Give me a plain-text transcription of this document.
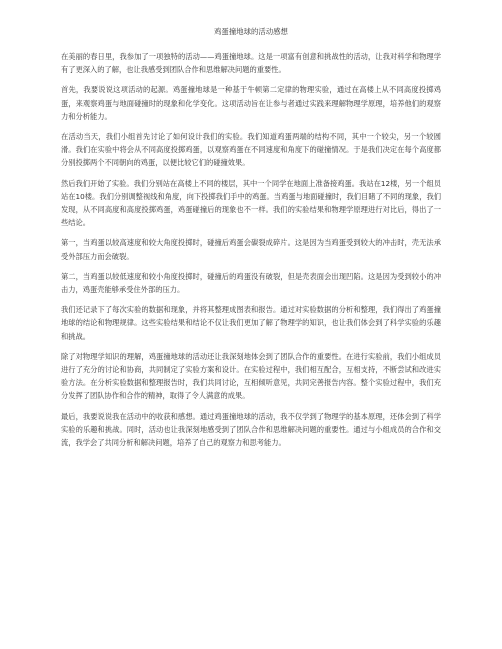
鸡蛋撞地球的活动感想

在美丽的春日里，我参加了一项独特的活动——鸡蛋撞地球。这是一项富有创意和挑战性的活动，让我对科学和物理学有了更深入的了解，也让我感受到团队合作和思维解决问题的重要性。

首先，我要说说这项活动的起源。鸡蛋撞地球是一种基于牛顿第二定律的物理实验，通过在高楼上从不同高度投掷鸡蛋，来观察鸡蛋与地面碰撞时的现象和化学变化。这项活动旨在让参与者通过实践来理解物理学原理，培养他们的观察力和分析能力。

在活动当天，我们小组首先讨论了如何设计我们的实验。我们知道鸡蛋两端的结构不同，其中一个较尖，另一个较圆滑。我们在实验中将会从不同高度投掷鸡蛋，以观察鸡蛋在不同速度和角度下的碰撞情况。于是我们决定在每个高度都分别投掷两个不同朝向的鸡蛋，以便比较它们的碰撞效果。

然后我们开始了实验。我们分别站在高楼上不同的楼层，其中一个同学在地面上准备接鸡蛋。我站在12楼，另一个组员站在10楼。我们分别调整视线和角度，向下投掷我们手中的鸡蛋。当鸡蛋与地面碰撞时，我们目睹了不同的现象，我们发现，从不同高度和高度投掷鸡蛋，鸡蛋碰撞后的现象也不一样。我们的实验结果和物理学原理进行对比后，得出了一些结论。

第一，当鸡蛋以较高速度和较大角度投掷时，碰撞后鸡蛋会碳裂成碎片。这是因为当鸡蛋受到较大的冲击时，壳无法承受外部压力而会破裂。

第二，当鸡蛋以较低速度和较小角度投掷时，碰撞后的鸡蛋没有破裂，但是壳表面会出现凹陷。这是因为受到较小的冲击力，鸡蛋壳能够承受住外部的压力。

我们还记录下了每次实验的数据和现象，并将其整理成图表和报告。通过对实验数据的分析和整理，我们得出了鸡蛋撞地球的结论和物理规律。这些实验结果和结论不仅让我们更加了解了物理学的知识，也让我们体会到了科学实验的乐趣和挑战。

除了对物理学知识的理解，鸡蛋撞地球的活动还让我深刻地体会到了团队合作的重要性。在进行实验前，我们小组成员进行了充分的讨论和协商，共同制定了实验方案和设计。在实验过程中，我们相互配合，互相支持，不断尝试和改进实验方法。在分析实验数据和整理报告时，我们共同讨论，互相倾听意见，共同完善报告内容。整个实验过程中，我们充分发挥了团队协作和合作的精神，取得了令人满意的成果。

最后，我要说说我在活动中的收获和感想。通过鸡蛋撞地球的活动，我不仅学到了物理学的基本原理，还体会到了科学实验的乐趣和挑战。同时，活动也让我深刻地感受到了团队合作和思维解决问题的重要性。通过与小组成员的合作和交流，我学会了共同分析和解决问题，培养了自己的观察力和思考能力。
